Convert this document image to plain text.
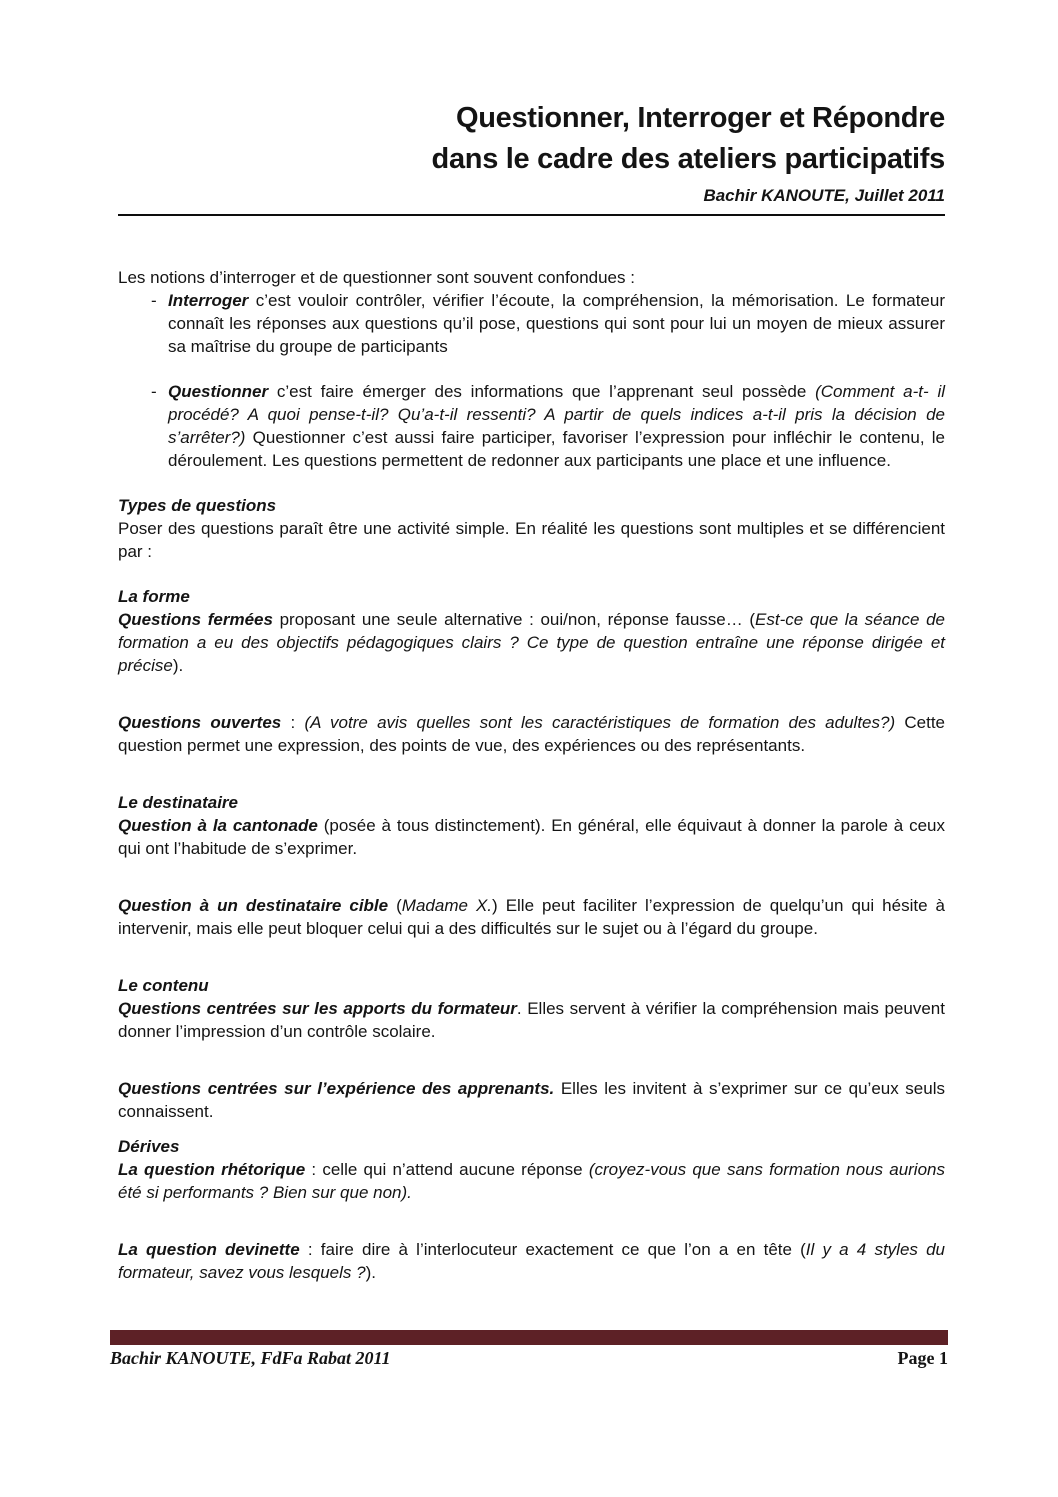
Questionner, Interroger et Répondre
dans le cadre des ateliers participatifs
Bachir KANOUTE, Juillet 2011

Les notions d’interroger et de questionner sont souvent confondues :

- Interroger c’est vouloir contrôler, vérifier l’écoute, la compréhension, la mémorisation. Le formateur connaît les réponses aux questions qu’il pose, questions qui sont pour lui un moyen de mieux assurer sa maîtrise du groupe de participants

- Questionner c’est faire émerger des informations que l’apprenant seul possède (Comment a-t- il procédé? A quoi pense-t-il? Qu’a-t-il ressenti? A partir de quels indices a-t-il pris la décision de s’arrêter?) Questionner c’est aussi faire participer, favoriser l’expression pour infléchir le contenu, le déroulement. Les questions permettent de redonner aux participants une place et une influence.

Types de questions

Poser des questions paraît être une activité simple. En réalité les questions sont multiples et se différencient par :

La forme

Questions fermées proposant une seule alternative : oui/non, réponse fausse… (Est-ce que la séance de formation a eu des objectifs pédagogiques clairs ? Ce type de question entraîne une réponse dirigée et précise).

Questions ouvertes : (A votre avis quelles sont les caractéristiques de formation des adultes?) Cette question permet une expression, des points de vue, des expériences ou des représentants.

Le destinataire

Question à la cantonade (posée à tous distinctement). En général, elle équivaut à donner la parole à ceux qui ont l’habitude de s’exprimer.

Question à un destinataire cible (Madame X.) Elle peut faciliter l’expression de quelqu’un qui hésite à intervenir, mais elle peut bloquer celui qui a des difficultés sur le sujet ou à l’égard du groupe.

Le contenu

Questions centrées sur les apports du formateur. Elles servent à vérifier la compréhension mais peuvent donner l’impression d’un contrôle scolaire.

Questions centrées sur l’expérience des apprenants. Elles les invitent à s’exprimer sur ce qu’eux seuls connaissent.

Dérives

La question rhétorique : celle qui n’attend aucune réponse (croyez-vous que sans formation nous aurions été si performants ? Bien sur que non).

La question devinette : faire dire à l’interlocuteur exactement ce que l’on a en tête (Il y a 4 styles du formateur, savez vous lesquels ?).

Bachir KANOUTE, FdFa Rabat 2011	Page 1
